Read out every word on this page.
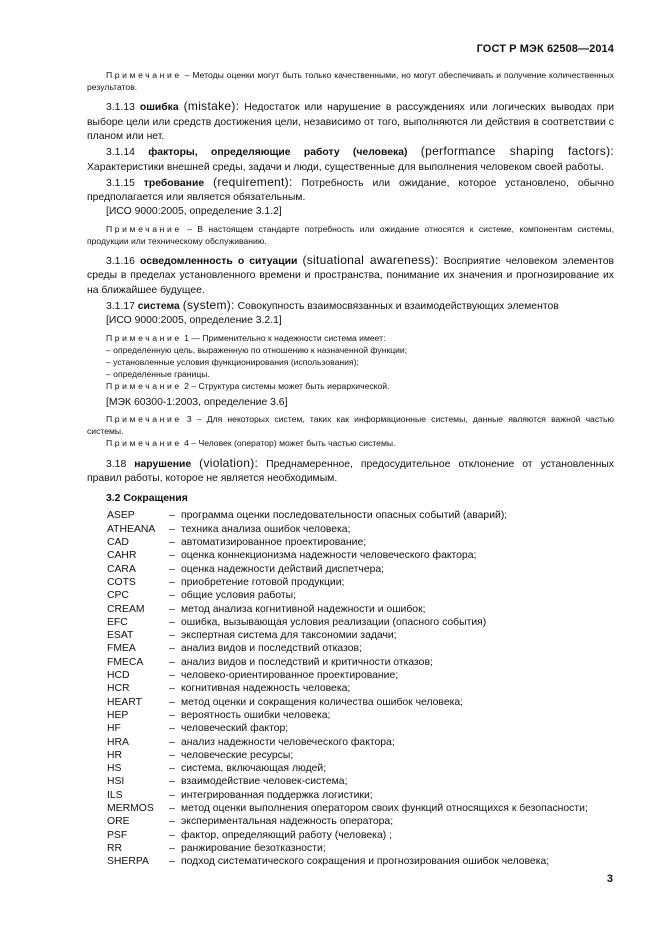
ГОСТ Р МЭК 62508—2014

Примечание – Методы оценки могут быть только качественными, но могут обеспечивать и получение количественных результатов.

3.1.13 ошибка (mistake): Недостаток или нарушение в рассуждениях или логических выводах при выборе цели или средств достижения цели, независимо от того, выполняются ли действия в соответствии с планом или нет.

3.1.14 факторы, определяющие работу (человека) (performance shaping factors): Характеристики внешней среды, задачи и люди, существенные для выполнения человеком своей работы.

3.1.15 требование (requirement): Потребность или ожидание, которое установлено, обычно предполагается или является обязательным.

[ИСО 9000:2005, определение 3.1.2]

Примечание – В настоящем стандарте потребность или ожидание относятся к системе, компонентам системы, продукции или техническому обслуживанию.

3.1.16 осведомленность о ситуации (situational awareness): Восприятие человеком элементов среды в пределах установленного времени и пространства, понимание их значения и прогнозирование их на ближайшее будущее.

3.1.17 система (system): Совокупность взаимосвязанных и взаимодействующих элементов

[ИСО 9000:2005, определение 3.2.1]

Примечание 1 — Применительно к надежности система имеет:

– определенную цель, выраженную по отношению к назначенной функции;

– установленные условия функционирования (использования);

– определенные границы.

Примечание 2 – Структура системы может быть иерархической.

[МЭК 60300-1:2003, определение 3.6]

Примечание 3 – Для некоторых систем, таких как информационные системы, данные являются важной частью системы.

Примечание 4 – Человек (оператор) может быть частью системы.

3.18 нарушение (violation): Преднамеренное, предосудительное отклонение от установленных правил работы, которое не является необходимым.

3.2 Сокращения

ASEP	–	программа оценки последовательности опасных событий (аварий);
ATHEANA	–	техника анализа ошибок человека;
CAD	–	автоматизированное проектирование;
CAHR	–	оценка коннекционизма надежности человеческого фактора;
CARA	–	оценка надежности действий диспетчера;
COTS	–	приобретение готовой продукции;
CPC	–	общие условия работы;
CREAM	–	метод анализа когнитивной надежности и ошибок;
EFC	–	ошибка, вызывающая условия реализации (опасного события)
ESAT	–	экспертная система для таксономии задачи;
FMEA	–	анализ видов и последствий отказов;
FMECA	–	анализ видов и последствий и критичности отказов;
HCD	–	человеко-ориентированное проектирование;
HCR	–	когнитивная надежность человека;
HEART	–	метод оценки и сокращения количества ошибок человека;
HEP	–	вероятность ошибки человека;
HF	–	человеческий фактор;
HRA	–	анализ надежности человеческого фактора;
HR	–	человеческие ресурсы;
HS	–	система, включающая людей;
HSI	–	взаимодействие человек-система;
ILS	–	интегрированная поддержка логистики;
MERMOS	–	метод оценки выполнения оператором своих функций относящихся к безопасности;
ORE	–	экспериментальная надежность оператора;
PSF	–	фактор, определяющий работу (человека) ;
RR	–	ранжирование безотказности;
SHERPA	–	подход систематического сокращения и прогнозирования ошибок человека;
3
